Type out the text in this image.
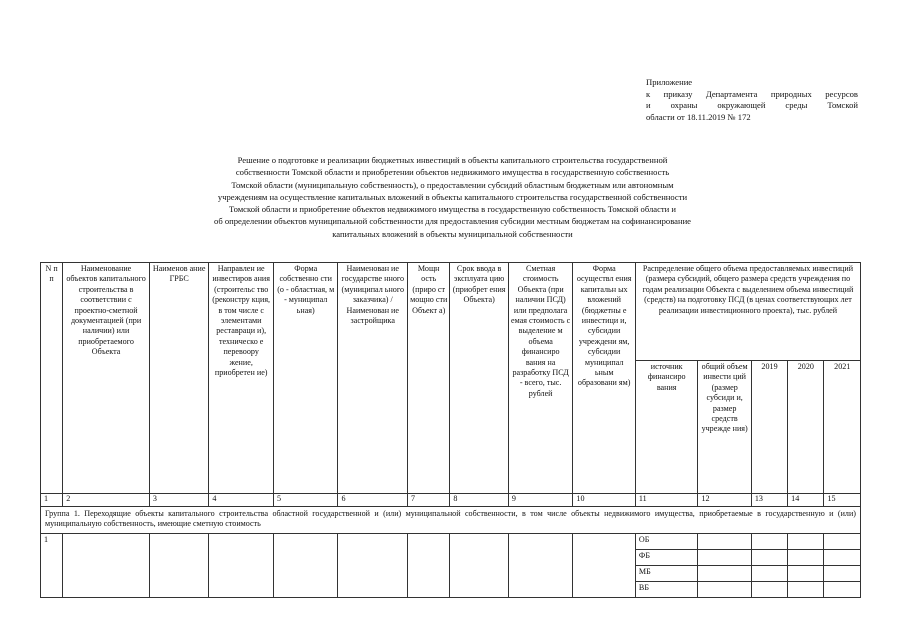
Приложение
к приказу Департамента природных ресурсов
и охраны окружающей среды Томской
области от 18.11.2019 № 172
Решение о подготовке и реализации бюджетных инвестиций в объекты капитального строительства государственной
собственности Томской области и приобретении объектов недвижимого имущества в государственную собственность
Томской области (муниципальную собственность), о предоставлении субсидий областным бюджетным или автономным
учреждениям на осуществление капитальных вложений в объекты капитального строительства государственной собственности
Томской области и приобретение объектов недвижимого имущества в государственную собственность Томской области и
об определении объектов муниципальной собственности для предоставления субсидии местным бюджетам на софинансирование
капитальных вложений в объекты муниципальной собственности
N п п	Наименование объектов капитального строительства в соответствии с проектно-сметной документацией (при наличии) или приобретаемого Объекта	Наименов ание ГРБС	Направлен ие инвестиров ания (строительс тво (реконстру кция, в том числе с элементами реставраци и), техническо е перевоору жение, приобретен ие)	Форма собственно сти (о - областная, м - муниципал ьная)	Наименован ие государстве нного (муниципал ьного заказчика) / Наименован ие застройщика	Мощн ость (приро ст мощно сти Объект а)	Срок ввода в эксплуата цию (приобрет ения Объекта)	Сметная стоимость Объекта (при наличии ПСД) или предполага емая стоимость с выделение м объема финансиро вания на разработку ПСД - всего, тыс. рублей	Форма осуществл ения капитальн ых вложений (бюджетны е инвестици и, субсидии учреждени ям, субсидии муниципал ьным образовани ям)	Распределение общего объема предоставляемых инвестиций (размера субсидий, общего размера средств учреждения по годам реализации Объекта с выделением объема инвестиций (средств) на подготовку ПСД (в ценах соответствующих лет реализации инвестиционного проекта), тыс. рублей				
										источник финансиро вания	общий объем инвести ций (размер субсиди и, размер средств учрежде ния)	2019	2020	2021
1	2	3	4	5	6	7	8	9	10	11	12	13	14	15
Группа 1. Переходящие объекты капитального строительства областной государственной и (или) муниципальной собственности, в том числе объекты недвижимого имущества, приобретаемые в государственную и (или) муниципальную собственность, имеющие сметную стоимость														
1										ОБ				
										ФБ				
										МБ				
										ВБ				
